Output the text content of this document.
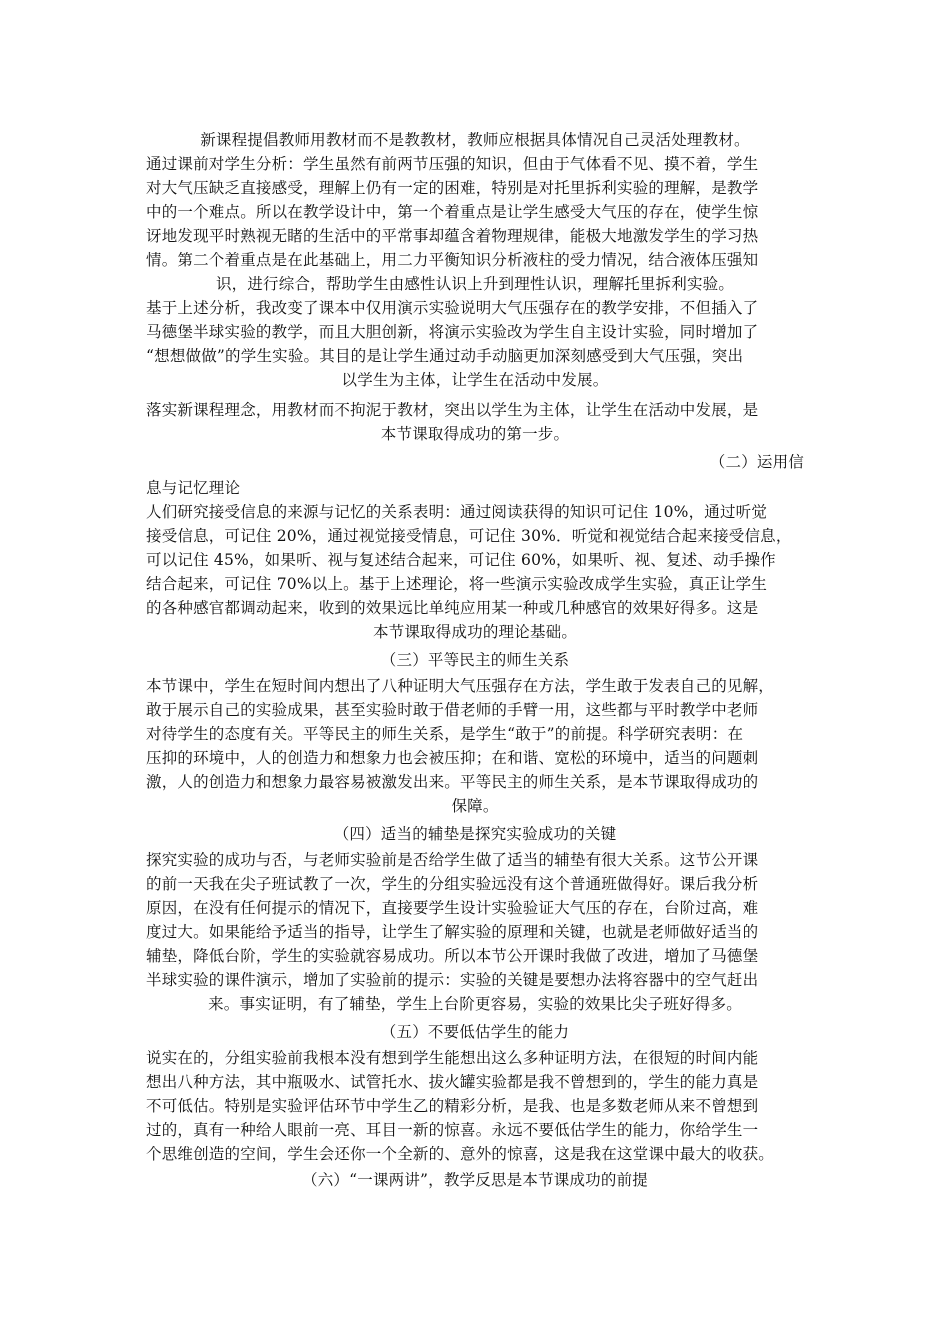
新课程提倡教师用教材而不是教教材，教师应根据具体情况自己灵活处理教材。
通过课前对学生分析：学生虽然有前两节压强的知识，但由于气体看不见、摸不着，学生
对大气压缺乏直接感受，理解上仍有一定的困难，特别是对托里拆利实验的理解，是教学
中的一个难点。所以在教学设计中，第一个着重点是让学生感受大气压的存在，使学生惊
讶地发现平时熟视无睹的生活中的平常事却蕴含着物理规律，能极大地激发学生的学习热
情。第二个着重点是在此基础上，用二力平衡知识分析液柱的受力情况，结合液体压强知
识，进行综合，帮助学生由感性认识上升到理性认识，理解托里拆利实验。
基于上述分析，我改变了课本中仅用演示实验说明大气压强存在的教学安排，不但插入了
马德堡半球实验的教学，而且大胆创新，将演示实验改为学生自主设计实验，同时增加了
“想想做做”的学生实验。其目的是让学生通过动手动脑更加深刻感受到大气压强，突出
以学生为主体，让学生在活动中发展。
落实新课程理念，用教材而不拘泥于教材，突出以学生为主体，让学生在活动中发展，是
本节课取得成功的第一步。
（二）运用信
息与记忆理论
人们研究接受信息的来源与记忆的关系表明：通过阅读获得的知识可记住 10%，通过听觉
接受信息，可记住 20%，通过视觉接受情息，可记住 30%．听觉和视觉结合起来接受信息，
可以记住 45%，如果听、视与复述结合起来，可记住 60%，如果听、视、复述、动手操作
结合起来，可记住 70%以上。基于上述理论，将一些演示实验改成学生实验，真正让学生
的各种感官都调动起来，收到的效果远比单纯应用某一种或几种感官的效果好得多。这是
本节课取得成功的理论基础。
（三）平等民主的师生关系
本节课中，学生在短时间内想出了八种证明大气压强存在方法，学生敢于发表自己的见解，
敢于展示自己的实验成果，甚至实验时敢于借老师的手臂一用，这些都与平时教学中老师
对待学生的态度有关。平等民主的师生关系，是学生“敢于”的前提。科学研究表明：在
压抑的环境中，人的创造力和想象力也会被压抑；在和谐、宽松的环境中，适当的问题刺
激，人的创造力和想象力最容易被激发出来。平等民主的师生关系，是本节课取得成功的
保障。
（四）适当的辅垫是探究实验成功的关键
探究实验的成功与否，与老师实验前是否给学生做了适当的辅垫有很大关系。这节公开课
的前一天我在尖子班试教了一次，学生的分组实验远没有这个普通班做得好。课后我分析
原因，在没有任何提示的情况下，直接要学生设计实验验证大气压的存在，台阶过高，难
度过大。如果能给予适当的指导，让学生了解实验的原理和关键，也就是老师做好适当的
辅垫，降低台阶，学生的实验就容易成功。所以本节公开课时我做了改进，增加了马德堡
半球实验的课件演示，增加了实验前的提示：实验的关键是要想办法将容器中的空气赶出
来。事实证明，有了辅垫，学生上台阶更容易，实验的效果比尖子班好得多。
（五）不要低估学生的能力
说实在的，分组实验前我根本没有想到学生能想出这么多种证明方法，在很短的时间内能
想出八种方法，其中瓶吸水、试管托水、拔火罐实验都是我不曾想到的，学生的能力真是
不可低估。特别是实验评估环节中学生乙的精彩分析，是我、也是多数老师从来不曾想到
过的，真有一种给人眼前一亮、耳目一新的惊喜。永远不要低估学生的能力，你给学生一
个思维创造的空间，学生会还你一个全新的、意外的惊喜，这是我在这堂课中最大的收获。
（六）“一课两讲”，教学反思是本节课成功的前提
